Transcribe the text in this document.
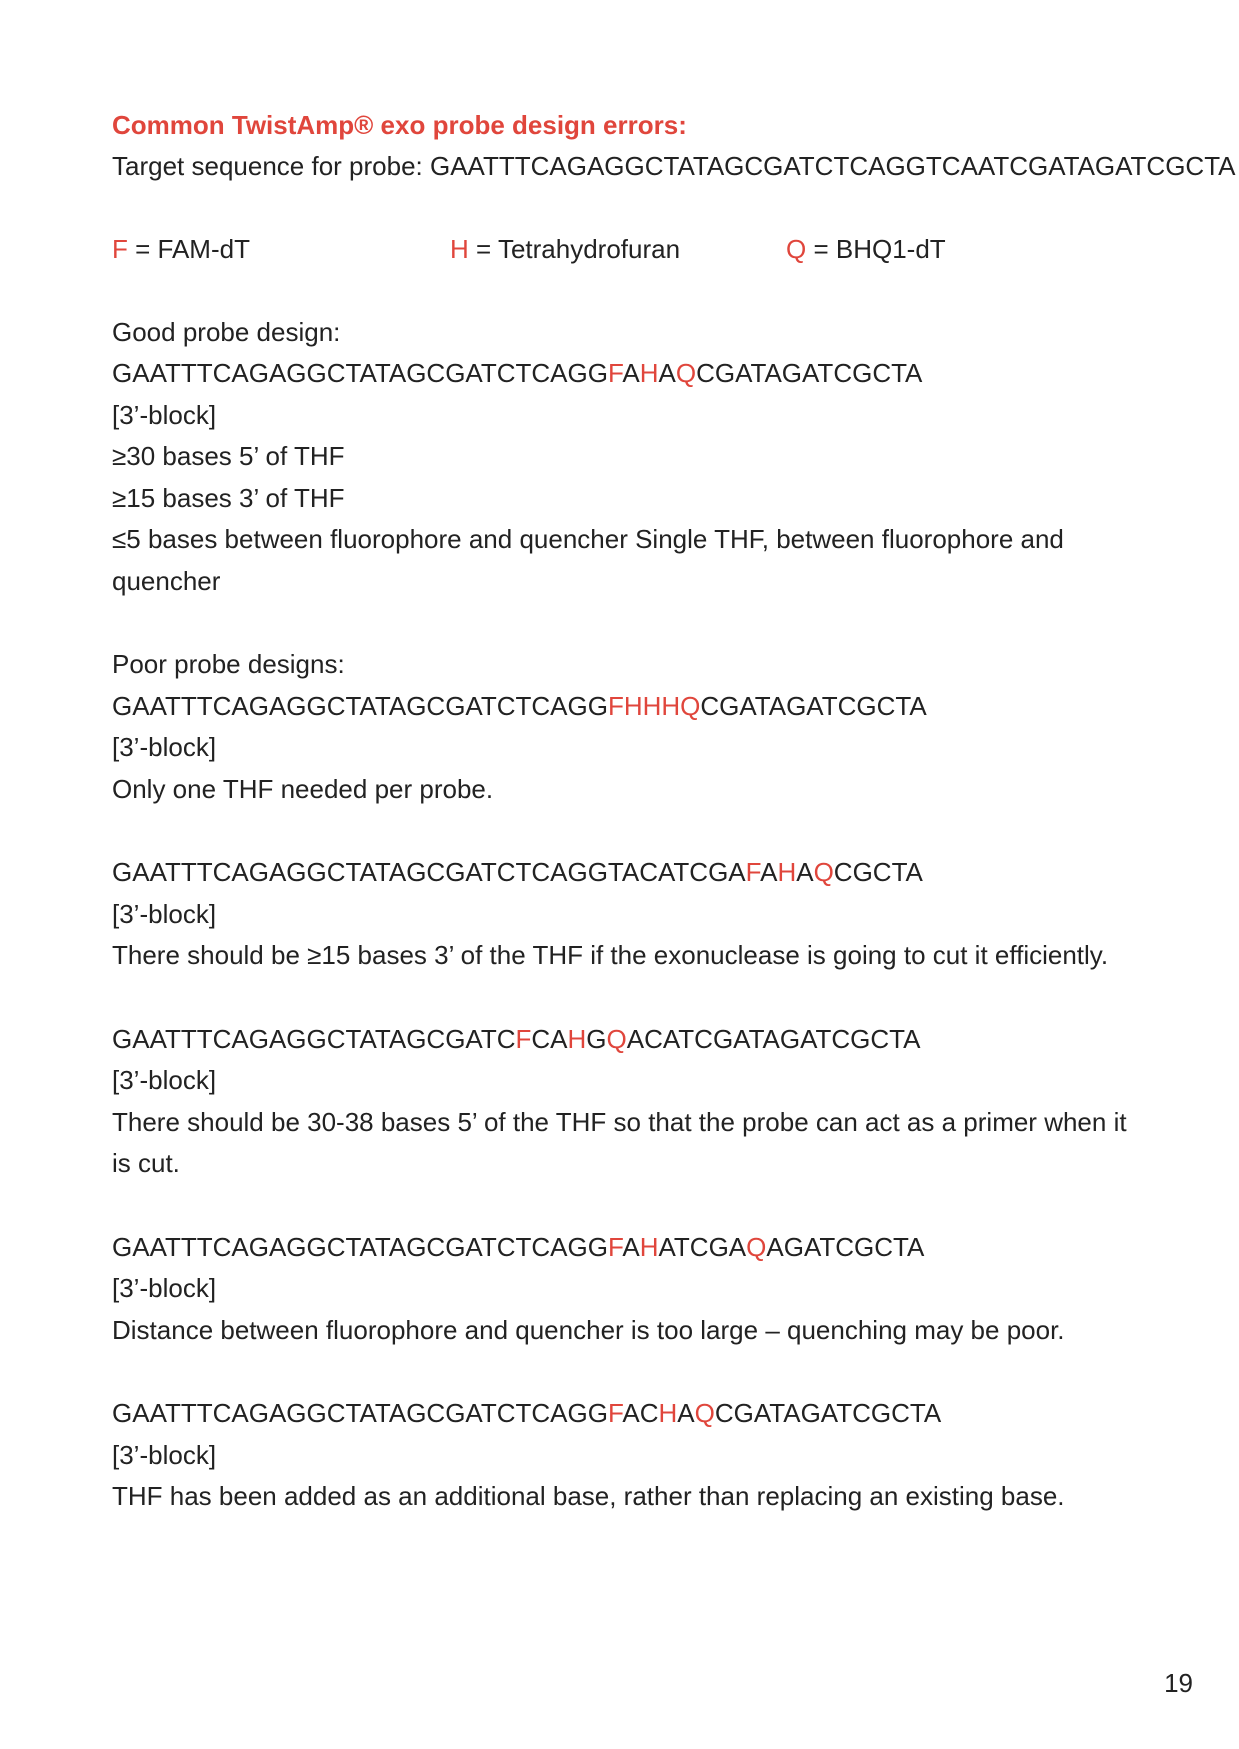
Common TwistAmp® exo probe design errors:
Target sequence for probe: GAATTTCAGAGGCTATAGCGATCTCAGGTCAATCGATAGATCGCTA
F = FAM-dT	H = Tetrahydrofuran	Q = BHQ1-dT
Good probe design:
GAATTTCAGAGGCTATAGCGATCTCAGGFAHAQCGATAGATCGCTA
[3’-block]
≥30 bases 5’ of THF
≥15 bases 3’ of THF
≤5 bases between fluorophore and quencher Single THF, between fluorophore and quencher
Poor probe designs:
GAATTTCAGAGGCTATAGCGATCTCAGGFHHHQCGATAGATCGCTA
[3’-block]
Only one THF needed per probe.
GAATTTCAGAGGCTATAGCGATCTCAGGTACATCGAFAHAQCGCTA
[3’-block]
There should be ≥15 bases 3’ of the THF if the exonuclease is going to cut it efficiently.
GAATTTCAGAGGCTATAGCGATCFCAHGQACATCGATAGATCGCTA
[3’-block]
There should be 30-38 bases 5’ of the THF so that the probe can act as a primer when it is cut.
GAATTTCAGAGGCTATAGCGATCTCAGGFAHATCGAQAGATCGCTA
[3’-block]
Distance between fluorophore and quencher is too large – quenching may be poor.
GAATTTCAGAGGCTATAGCGATCTCAGGFACHAQCGATAGATCGCTA
[3’-block]
THF has been added as an additional base, rather than replacing an existing base.
19
